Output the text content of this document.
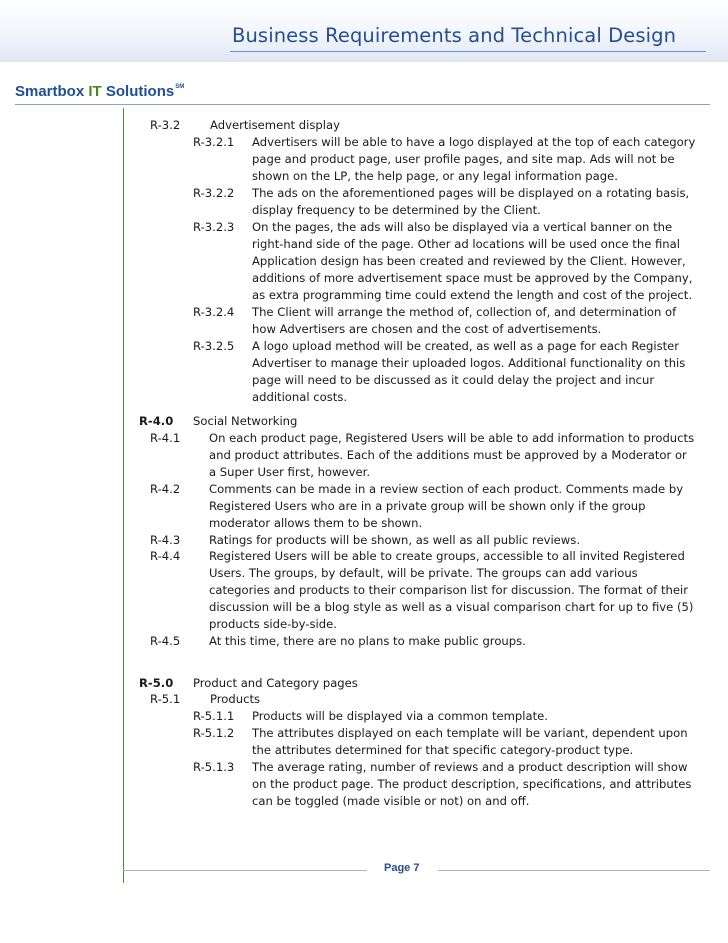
Business Requirements and Technical Design
Smartbox IT Solutions℠
R-3.2	Advertisement display
R-3.2.1 Advertisers will be able to have a logo displayed at the top of each category
page and product page, user profile pages, and site map. Ads will not be
shown on the LP, the help page, or any legal information page.
R-3.2.2 The ads on the aforementioned pages will be displayed on a rotating basis,
display frequency to be determined by the Client.
R-3.2.3 On the pages, the ads will also be displayed via a vertical banner on the
right-hand side of the page. Other ad locations will be used once the final
Application design has been created and reviewed by the Client. However,
additions of more advertisement space must be approved by the Company,
as extra programming time could extend the length and cost of the project.
R-3.2.4 The Client will arrange the method of, collection of, and determination of
how Advertisers are chosen and the cost of advertisements.
R-3.2.5 A logo upload method will be created, as well as a page for each Register
Advertiser to manage their uploaded logos. Additional functionality on this
page will need to be discussed as it could delay the project and incur
additional costs.
R-4.0 Social Networking
R-4.1 On each product page, Registered Users will be able to add information to products
and product attributes. Each of the additions must be approved by a Moderator or
a Super User first, however.
R-4.2 Comments can be made in a review section of each product. Comments made by
Registered Users who are in a private group will be shown only if the group
moderator allows them to be shown.
R-4.3 Ratings for products will be shown, as well as all public reviews.
R-4.4 Registered Users will be able to create groups, accessible to all invited Registered
Users. The groups, by default, will be private. The groups can add various
categories and products to their comparison list for discussion. The format of their
discussion will be a blog style as well as a visual comparison chart for up to five (5)
products side-by-side.
R-4.5 At this time, there are no plans to make public groups.
R-5.0 Product and Category pages
R-5.1	Products
R-5.1.1 Products will be displayed via a common template.
R-5.1.2 The attributes displayed on each template will be variant, dependent upon
the attributes determined for that specific category-product type.
R-5.1.3 The average rating, number of reviews and a product description will show
on the product page. The product description, specifications, and attributes
can be toggled (made visible or not) on and off.
Page 7
